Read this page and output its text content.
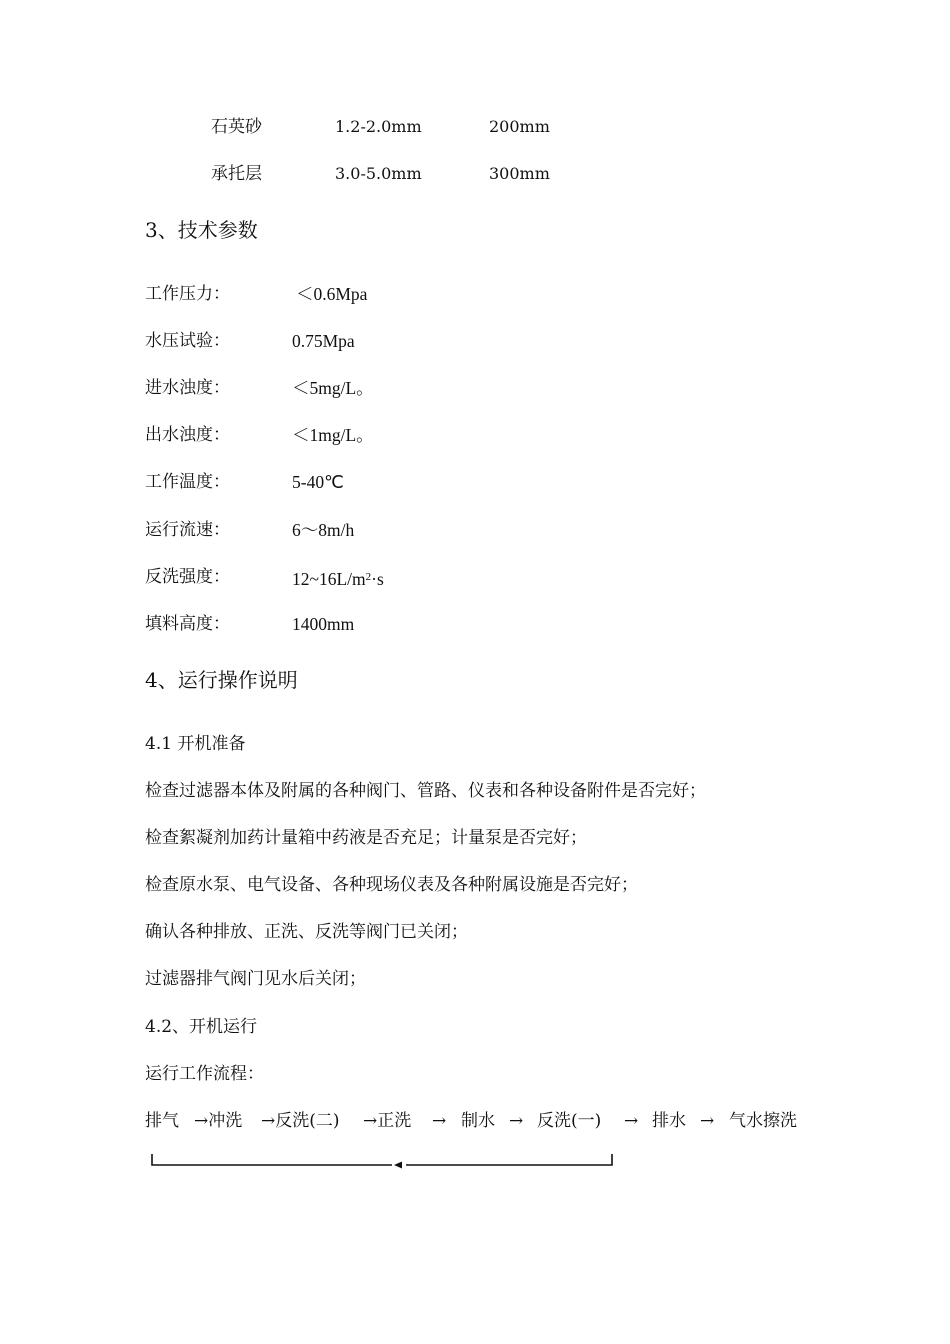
石英砂	1.2-2.0mm	200mm
承托层	3.0-5.0mm	300mm
3、技术参数
工作压力：	＜0.6Mpa
水压试验：	0.75Mpa
进水浊度：	＜5mg/L。
出水浊度：	＜1mg/L。
工作温度：	5-40℃
运行流速：	6～8m/h
反洗强度：	$12\sim 16L/m^2\cdot s$
填料高度：	1400mm
4、运行操作说明
4.1 开机准备
检查过滤器本体及附属的各种阀门、管路、仪表和各种设备附件是否完好；
检查絮凝剂加药计量箱中药液是否充足；计量泵是否完好；
检查原水泵、电气设备、各种现场仪表及各种附属设施是否完好；
确认各种排放、正洗、反洗等阀门已关闭；
过滤器排气阀门见水后关闭；
4.2、开机运行
运行工作流程：
排气 →冲洗 →反洗(二) →正洗 → 制水 → 反洗(一) → 排水 → 气水擦洗
